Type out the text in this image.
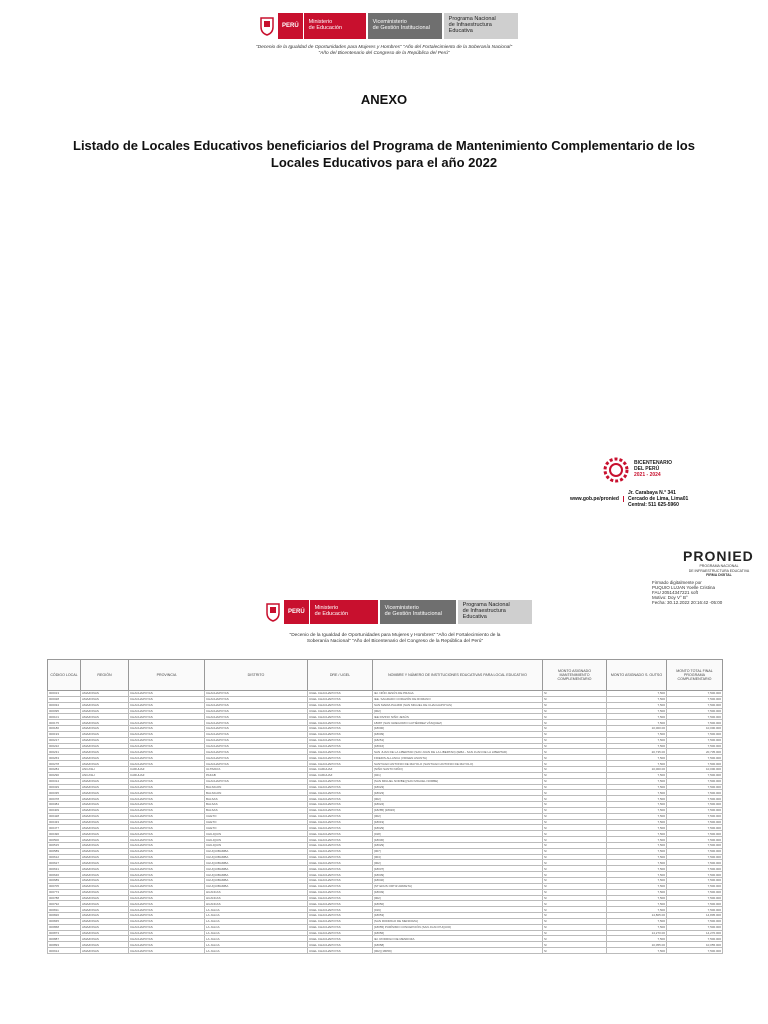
PERÚ
Ministerio
de Educación
Viceministerio
de Gestión Institucional
Programa Nacional
de Infraestructura Educativa
"Decenio de la Igualdad de Oportunidades para Mujeres y Hombres" "Año del Fortalecimiento de la Soberanía Nacional"
"Año del Bicentenario del Congreso de la República del Perú"
ANEXO
Listado de Locales Educativos beneficiarios del Programa de Mantenimiento Complementario de los
Locales Educativos para el año 2022
BICENTENARIO
DEL PERÚ
2021 - 2024
www.gob.pe/pronied
Jr. Carabaya N.° 341
Cercado de Lima, Lima01
Central: 511 625-5960
PRONIED
PROGRAMA NACIONAL
DE INFRAESTRUCTURA EDUCATIVA
FIRMA DIGITAL
Firmado digitalmente por
PUQUIO LUJAN Yoelle Cristina
FAU 20514347221 soft
Motivo: Doy V° B°
Fecha: 30.12.2022 20:16:42 -05:00
PERÚ
Ministerio
de Educación
Viceministerio
de Gestión Institucional
Programa Nacional
de Infraestructura Educativa
"Decenio de la Igualdad de Oportunidades para Mujeres y Hombres" "Año del Fortalecimiento de la
Soberanía Nacional" "Año del Bicentenario del Congreso de la República del Perú"
CÓDIGO LOCAL	REGIÓN	PROVINCIA	DISTRITO	DRE / UGEL	NOMBRE Y NÚMERO DE INSTITUCIONES EDUCATIVAS PARA LOCAL EDUCATIVO	MONTO ASIGNADO MANTENIMIENTO COMPLEMENTARIO	MONTO ASIGNADO S. OUTSO	MONTO TOTAL FINAL PROGRAMA COMPLEMENTARIO
000013	AMAZONAS	CHACHAPOYAS	CHACHAPOYAS	UGEL CHACHAPOYAS	IEI. NIÑO JESÚS DE PRAGA	S/	7,500	7,500.000
000028	AMAZONAS	CHACHAPOYAS	CHACHAPOYAS	UGEL CHACHAPOYAS	IEE. SAGRADO CORAZÓN DE ROMANO	S/	7,500	7,500.000
000034	AMAZONAS	CHACHAPOYAS	CHACHAPOYAS	UGEL CHACHAPOYAS	SAN MARIA PALMIR (SAN MIGUEL DE CHACHAPOYAS)	S/	7,500	7,500.000
000095	AMAZONAS	CHACHAPOYAS	CHACHAPOYAS	UGEL CHACHAPOYAS	[002]	S/	7,500	7,500.000
000101	AMAZONAS	CHACHAPOYAS	CHACHAPOYAS	UGEL CHACHAPOYAS	IEE DIVINO NIÑO JESÚS	S/	7,500	7,500.000
000175	AMAZONAS	CHACHAPOYAS	CHACHAPOYAS	UGEL CHACHAPOYAS	18087 (SAN GREGORIO GUTIÉRREZ VÁSQUEZ)	S/	7,500	7,500.000
000180	AMAZONAS	CHACHAPOYAS	CHACHAPOYAS	UGEL CHACHAPOYAS	[18000]	S/	10,000.00	10,000.000
000193	AMAZONAS	CHACHAPOYAS	CHACHAPOYAS	UGEL CHACHAPOYAS	[18009]	S/	7,500	7,500.000
000217	AMAZONAS	CHACHAPOYAS	CHACHAPOYAS	UGEL CHACHAPOYAS	[18251]	S/	7,500	7,500.000
000222	AMAZONAS	CHACHAPOYAS	CHACHAPOYAS	UGEL CHACHAPOYAS	[18016]	S/	7,500	7,500.000
000231	AMAZONAS	CHACHAPOYAS	CHACHAPOYAS	UGEL CHACHAPOYAS	SAN JUAN DE LA LIBERTAD (SAN JUAN DE LA LIBERTAD) (IEBA - SAN JUAN DE LA LIBERTAD)	S/	20,735.00	20,735.000
000263	AMAZONAS	CHACHAPOYAS	CHACHAPOYAS	UGEL CHACHAPOYAS	FIDEDIS ALLANCA (VIRGEN ASUNTA)	S/	7,500	7,500.000
000278	AMAZONAS	CHACHAPOYAS	CHACHAPOYAS	UGEL CHACHAPOYAS	SANTIAGO ANTONIO DE MAYOLO (SANTIAGO ANTONIO DE MAYOLO)	S/	7,500	7,500.000
000284	ANCASH	CARHUAZ	ULTIMAYA	UGEL CARHUAZ	[NIÑO SANTO NIÑO]	S/	10,000.00	10,000.000
000290	ANCASH	CARHUAZ	PAKAB	UGEL CARHUAZ	[021]	S/	7,500	7,500.000
000314	AMAZONAS	CHACHAPOYAS	CHACHAPOYAS	UGEL CHACHAPOYAS	[SAN MIGUEL NORBE] [SAN MIGUEL NORBE]	S/	7,500	7,500.000
000329	AMAZONAS	CHACHAPOYAS	BALSIGON	UGEL CHACHAPOYAS	[18023]	S/	7,500	7,500.000
000335	AMAZONAS	CHACHAPOYAS	BALSIGON	UGEL CHACHAPOYAS	[18023]	S/	7,500	7,500.000
000378	AMAZONAS	CHACHAPOYAS	BALSAS	UGEL CHACHAPOYAS	[002]	S/	7,500	7,500.000
000384	AMAZONAS	CHACHAPOYAS	BALSAS	UGEL CHACHAPOYAS	[18024]	S/	7,500	7,500.000
000409	AMAZONAS	CHACHAPOYAS	BALSAS	UGEL CHACHAPOYAS	[18285] [18026]	S/	7,500	7,500.000
000428	AMAZONAS	CHACHAPOYAS	CHETO	UGEL CHACHAPOYAS	[002]	S/	7,500	7,500.000
000433	AMAZONAS	CHACHAPOYAS	CHETO	UGEL CHACHAPOYAS	[18019]	S/	7,500	7,500.000
000477	AMAZONAS	CHACHAPOYAS	CHETO	UGEL CHACHAPOYAS	[18029]	S/	7,500	7,500.000
000496	AMAZONAS	CHACHAPOYAS	CHILIQUIN	UGEL CHACHAPOYAS	[018]	S/	7,500	7,500.000
000500	AMAZONAS	CHACHAPOYAS	CHILIQUIN	UGEL CHACHAPOYAS	[18030]	S/	7,500	7,500.000
000515	AMAZONAS	CHACHAPOYAS	CHILIQUIN	UGEL CHACHAPOYAS	[18029]	S/	7,500	7,500.000
000589	AMAZONAS	CHACHAPOYAS	CHUQUIBAMBA	UGEL CHACHAPOYAS	[007]	S/	7,500	7,500.000
000612	AMAZONAS	CHACHAPOYAS	CHUQUIBAMBA	UGEL CHACHAPOYAS	[004]	S/	7,500	7,500.000
000627	AMAZONAS	CHACHAPOYAS	CHUQUIBAMBA	UGEL CHACHAPOYAS	[002]	S/	7,500	7,500.000
000631	AMAZONAS	CHACHAPOYAS	CHUQUIBAMBA	UGEL CHACHAPOYAS	[18037]	S/	7,500	7,500.000
000646	AMAZONAS	CHACHAPOYAS	CHUQUIBAMBA	UGEL CHACHAPOYAS	[18039]	S/	7,500	7,500.000
000689	AMAZONAS	CHACHAPOYAS	CHUQUIBAMBA	UGEL CHACHAPOYAS	[18040]	S/	7,500	7,500.000
000705	AMAZONAS	CHACHAPOYAS	CHUQUIBAMBA	UGEL CHACHAPOYAS	[ST EDUS ORTIZ ARRIETA]	S/	7,500	7,500.000
000773	AMAZONAS	CHACHAPOYAS	HUANCAS	UGEL CHACHAPOYAS	[18049]	S/	7,500	7,500.000
000788	AMAZONAS	CHACHAPOYAS	HUANCAS	UGEL CHACHAPOYAS	[002]	S/	7,500	7,500.000
000792	AMAZONAS	CHACHAPOYAS	HUANCAS	UGEL CHACHAPOYAS	[18050]	S/	7,500	7,500.000
000811	AMAZONAS	CHACHAPOYAS	LA JALCA	UGEL CHACHAPOYAS	[019]	S/	7,500	7,500.000
000826	AMAZONAS	CHACHAPOYAS	LA JALCA	UGEL CHACHAPOYAS	[18053]	S/	14,805.00	14,805.000
000845	AMAZONAS	CHACHAPOYAS	LA JALCA	UGEL CHACHAPOYAS	[SAN RODRIGO DE MENDOZA]	S/	7,500	7,500.000
000868	AMAZONAS	CHACHAPOYAS	LA JALCA	UGEL CHACHAPOYAS	[18055] PURÍSIMO CONCEPCIÓN (SAN JUAN PUQUIO)	S/	7,500	7,500.000
000873	AMAZONAS	CHACHAPOYAS	LA JALCA	UGEL CHACHAPOYAS	[18056]	S/	14,270.00	14,270.000
000887	AMAZONAS	CHACHAPOYAS	LA JALCA	UGEL CHACHAPOYAS	IEI. RODRIGO DE MENDOZA	S/	7,500	7,500.000
000893	AMAZONAS	CHACHAPOYAS	LA JALCA	UGEL CHACHAPOYAS	[18058]	S/	10,055.00	10,055.000
000914	AMAZONAS	CHACHAPOYAS	LA JALCA	UGEL CHACHAPOYAS	[002] [18059]	S/	7,500	7,500.000
